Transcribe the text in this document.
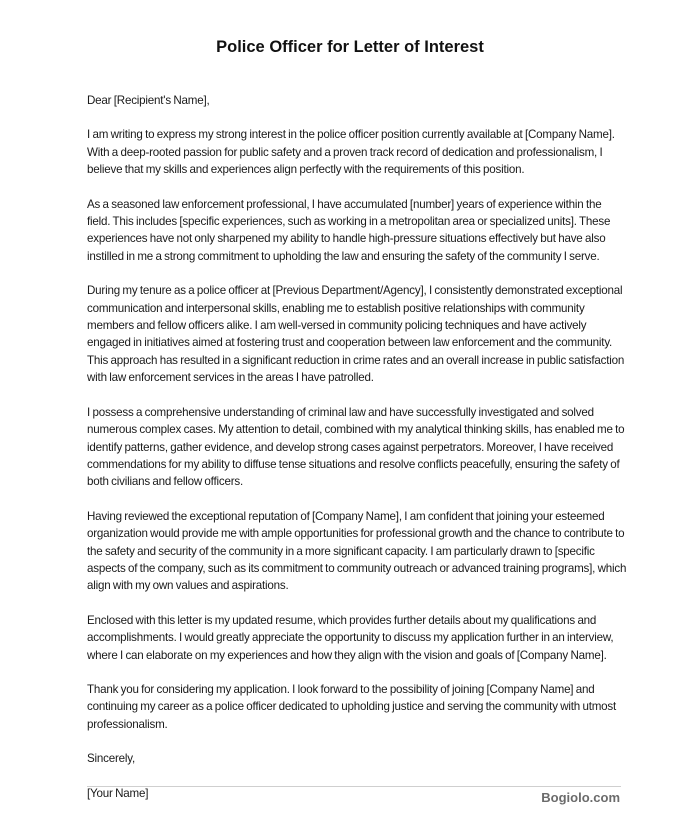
Police Officer for Letter of Interest

Dear [Recipient's Name],

I am writing to express my strong interest in the police officer position currently available at [Company Name]. With a deep-rooted passion for public safety and a proven track record of dedication and professionalism, I believe that my skills and experiences align perfectly with the requirements of this position.

As a seasoned law enforcement professional, I have accumulated [number] years of experience within the field. This includes [specific experiences, such as working in a metropolitan area or specialized units]. These experiences have not only sharpened my ability to handle high-pressure situations effectively but have also instilled in me a strong commitment to upholding the law and ensuring the safety of the community I serve.

During my tenure as a police officer at [Previous Department/Agency], I consistently demonstrated exceptional communication and interpersonal skills, enabling me to establish positive relationships with community members and fellow officers alike. I am well-versed in community policing techniques and have actively engaged in initiatives aimed at fostering trust and cooperation between law enforcement and the community. This approach has resulted in a significant reduction in crime rates and an overall increase in public satisfaction with law enforcement services in the areas I have patrolled.

I possess a comprehensive understanding of criminal law and have successfully investigated and solved numerous complex cases. My attention to detail, combined with my analytical thinking skills, has enabled me to identify patterns, gather evidence, and develop strong cases against perpetrators. Moreover, I have received commendations for my ability to diffuse tense situations and resolve conflicts peacefully, ensuring the safety of both civilians and fellow officers.

Having reviewed the exceptional reputation of [Company Name], I am confident that joining your esteemed organization would provide me with ample opportunities for professional growth and the chance to contribute to the safety and security of the community in a more significant capacity. I am particularly drawn to [specific aspects of the company, such as its commitment to community outreach or advanced training programs], which align with my own values and aspirations.

Enclosed with this letter is my updated resume, which provides further details about my qualifications and accomplishments. I would greatly appreciate the opportunity to discuss my application further in an interview, where I can elaborate on my experiences and how they align with the vision and goals of [Company Name].

Thank you for considering my application. I look forward to the possibility of joining [Company Name] and continuing my career as a police officer dedicated to upholding justice and serving the community with utmost professionalism.

Sincerely,

[Your Name]	Bogiolo.com
